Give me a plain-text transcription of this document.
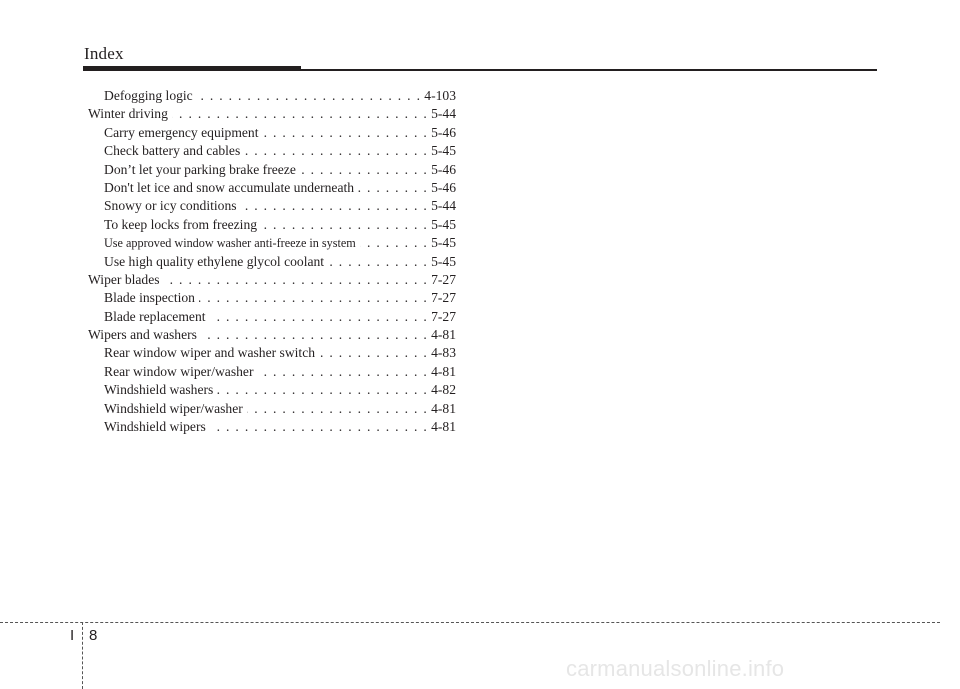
Index
Defogging logic . . .	4-103
Winter driving . . .	5-44
Carry emergency equipment . . .	5-46
Check battery and cables . . .	5-45
Don’t let your parking brake freeze . . .	5-46
Don't let ice and snow accumulate underneath . . .	5-46
Snowy or icy conditions . . .	5-44
To keep locks from freezing . . .	5-45
Use approved window washer anti-freeze in system . . .	5-45
Use high quality ethylene glycol coolant . . .	5-45
Wiper blades . . .	7-27
Blade inspection . . .	7-27
Blade replacement . . .	7-27
Wipers and washers . . .	4-81
Rear window wiper and washer switch . . .	4-83
Rear window wiper/washer . . .	4-81
Windshield washers . . .	4-82
Windshield wiper/washer . . .	4-81
Windshield wipers . . .	4-81
I 8
carmanualsonline.info
